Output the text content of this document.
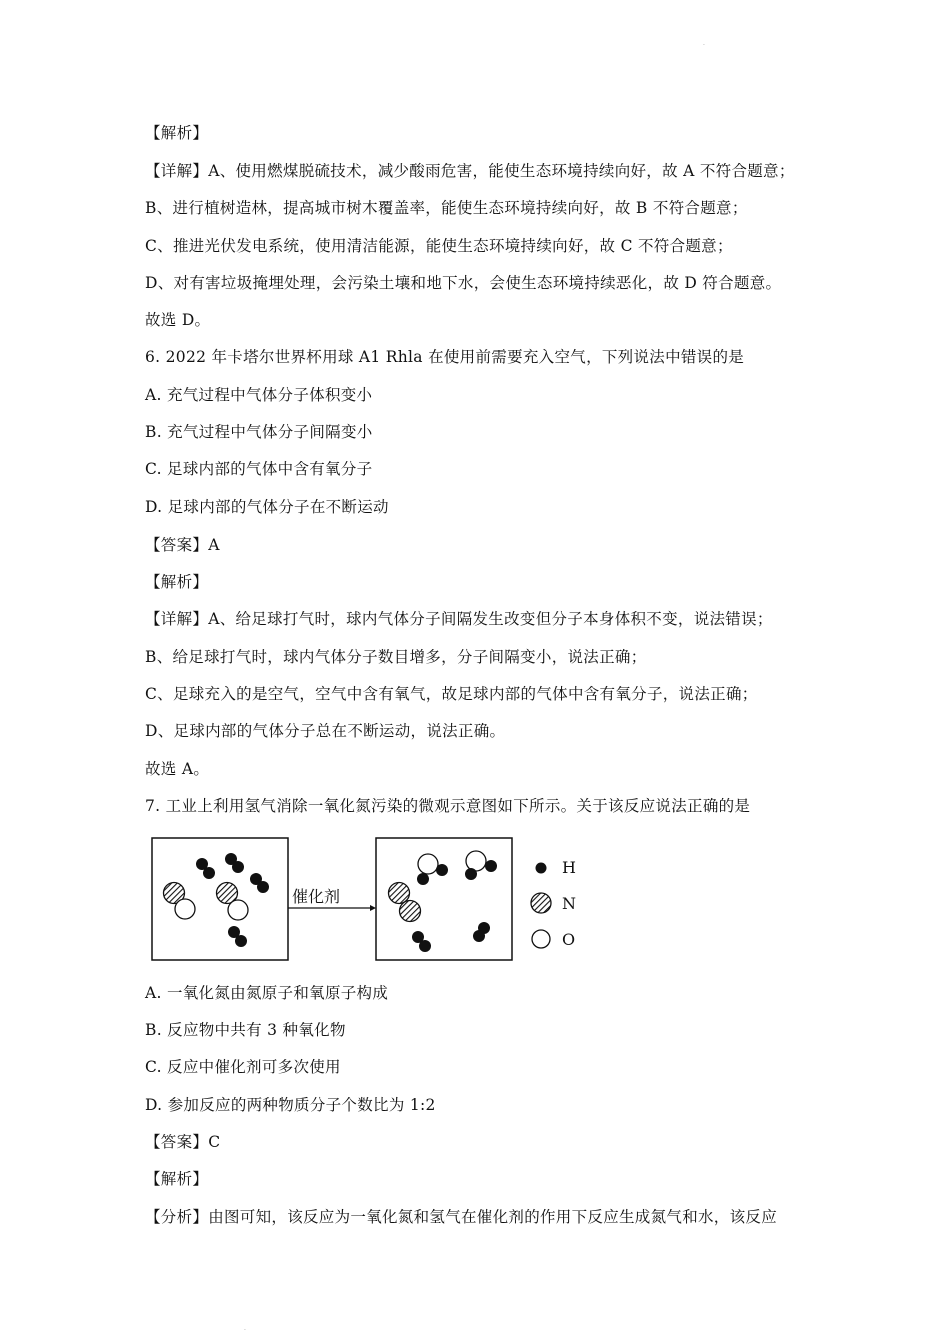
.
【解析】
【详解】A、使用燃煤脱硫技术，减少酸雨危害，能使生态环境持续向好，故 A 不符合题意；
B、进行植树造林，提高城市树木覆盖率，能使生态环境持续向好，故 B 不符合题意；
C、推进光伏发电系统，使用清洁能源，能使生态环境持续向好，故 C 不符合题意；
D、对有害垃圾掩埋处理，会污染土壤和地下水，会使生态环境持续恶化，故 D 符合题意。
故选 D。
6. 2022 年卡塔尔世界杯用球 A1 Rhla 在使用前需要充入空气，下列说法中错误的是
A. 充气过程中气体分子体积变小
B. 充气过程中气体分子间隔变小
C. 足球内部的气体中含有氧分子
D. 足球内部的气体分子在不断运动
【答案】A
【解析】
【详解】A、给足球打气时，球内气体分子间隔发生改变但分子本身体积不变，说法错误；
B、给足球打气时，球内气体分子数目增多，分子间隔变小，说法正确；
C、足球充入的是空气，空气中含有氧气，故足球内部的气体中含有氧分子，说法正确；
D、足球内部的气体分子总在不断运动，说法正确。
故选 A。
7. 工业上利用氢气消除一氧化氮污染的微观示意图如下所示。关于该反应说法正确的是
催化剂
H
N
O
A. 一氧化氮由氮原子和氧原子构成
B. 反应物中共有 3 种氧化物
C. 反应中催化剂可多次使用
D. 参加反应的两种物质分子个数比为 1:2
【答案】C
【解析】
【分析】由图可知，该反应为一氧化氮和氢气在催化剂的作用下反应生成氮气和水，该反应
.
